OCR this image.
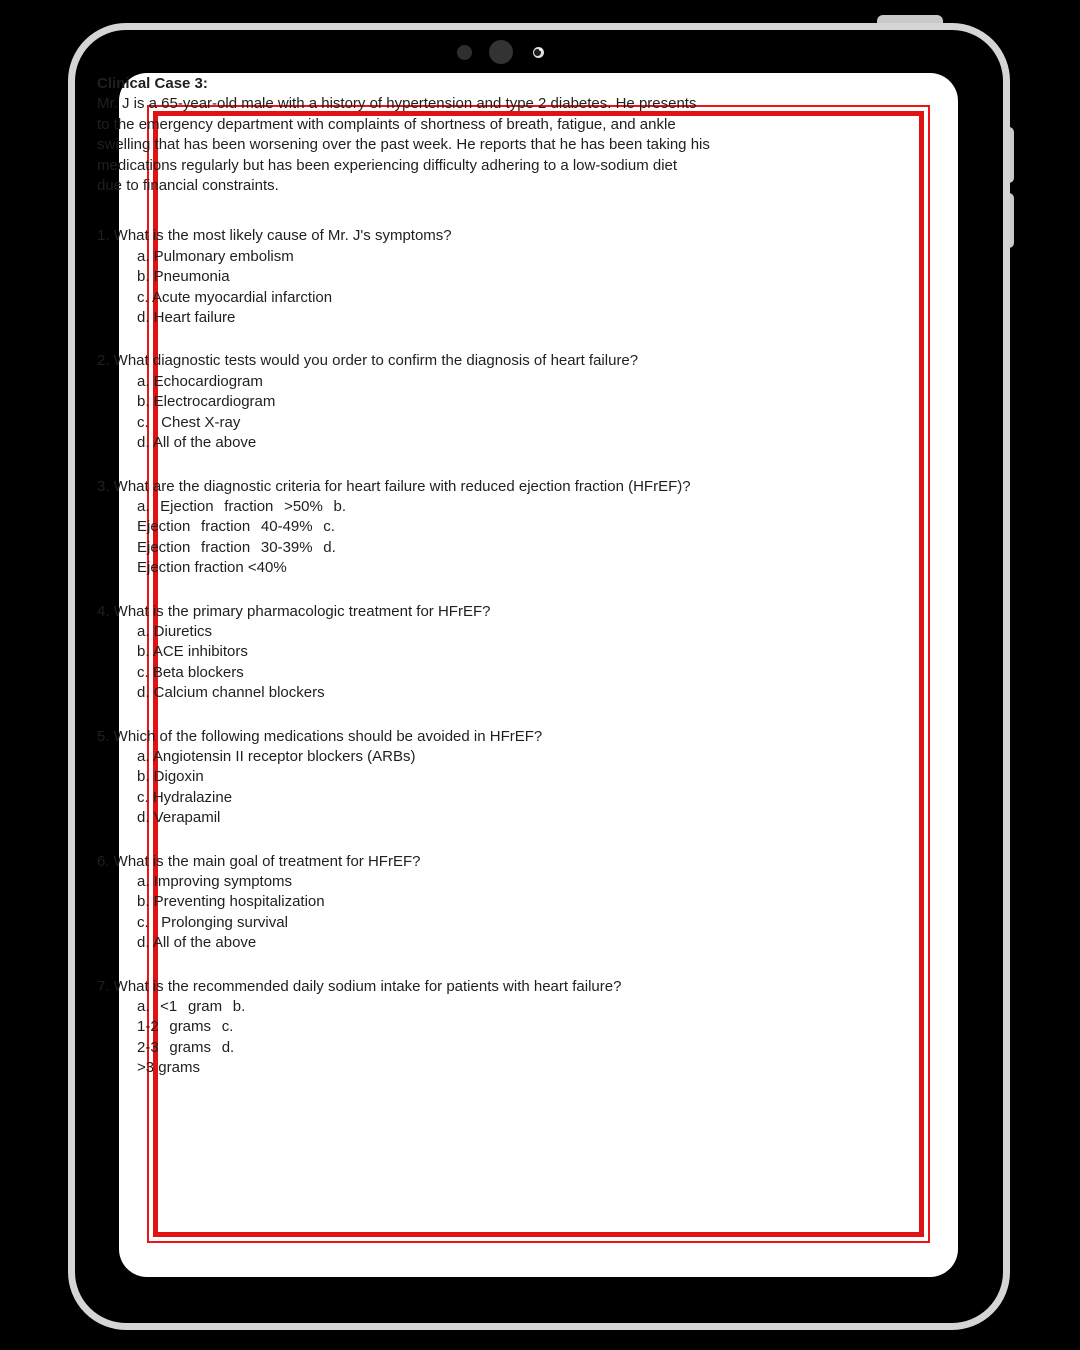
Clinical Case 3:
Mr. J is a 65-year-old male with a history of hypertension and type 2 diabetes. He presents
to the emergency department with complaints of shortness of breath, fatigue, and ankle
swelling that has been worsening over the past week. He reports that he has been taking his
medications regularly but has been experiencing difficulty adhering to a low-sodium diet
due to financial constraints.
1. What is the most likely cause of Mr. J's symptoms?
a. Pulmonary embolism
b. Pneumonia
c. Acute myocardial infarction
d. Heart failure
2. What diagnostic tests would you order to confirm the diagnosis of heart failure?
a. Echocardiogram
b. Electrocardiogram
c.   Chest X-ray
d. All of the above
3. What are the diagnostic criteria for heart failure with reduced ejection fraction (HFrEF)?
a. Ejection fraction >50% b.
Ejection fraction 40-49% c.
Ejection fraction 30-39% d.
Ejection fraction <40%
4. What is the primary pharmacologic treatment for HFrEF?
a. Diuretics
b. ACE inhibitors
c. Beta blockers
d. Calcium channel blockers
5. Which of the following medications should be avoided in HFrEF?
a. Angiotensin II receptor blockers (ARBs)
b. Digoxin
c. Hydralazine
d. Verapamil
6. What is the main goal of treatment for HFrEF?
a. Improving symptoms
b. Preventing hospitalization
c.   Prolonging survival
d. All of the above
7. What is the recommended daily sodium intake for patients with heart failure?
a. <1 gram b.
1-2 grams c.
2-3 grams d.
>3 grams
